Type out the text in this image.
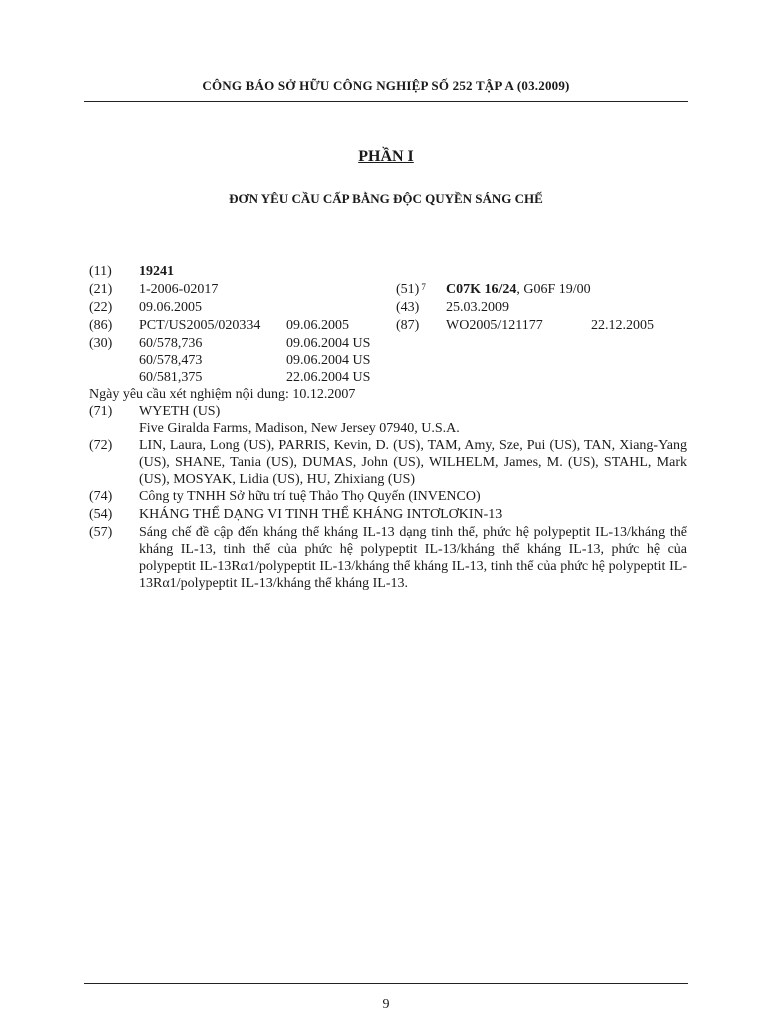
CÔNG BÁO SỞ HỮU CÔNG NGHIỆP SỐ 252 TẬP A (03.2009)
PHẦN I
ĐƠN YÊU CẦU CẤP BẰNG ĐỘC QUYỀN SÁNG CHẾ
(11) 19241
(21) 1-2006-02017	(51) $^7$ C07K 16/24, G06F 19/00
(22) 09.06.2005	(43) 25.03.2009
(86) PCT/US2005/020334 09.06.2005	(87) WO2005/121177	22.12.2005
(30) 60/578,736	09.06.2004 US
60/578,473	09.06.2004 US
60/581,375	22.06.2004 US
Ngày yêu cầu xét nghiệm nội dung: 10.12.2007
(71) WYETH (US)
Five Giralda Farms, Madison, New Jersey 07940, U.S.A.
(72) LIN, Laura, Long (US), PARRIS, Kevin, D. (US), TAM, Amy, Sze, Pui (US), TAN, Xiang-Yang (US), SHANE, Tania (US), DUMAS, John (US), WILHELM, James, M. (US), STAHL, Mark (US), MOSYAK, Lidia (US), HU, Zhixiang (US)
(74) Công ty TNHH Sở hữu trí tuệ Thảo Thọ Quyến (INVENCO)
(54) KHÁNG THỂ DẠNG VI TINH THỂ KHÁNG INTƠLƠKIN-13
(57) Sáng chế đề cập đến kháng thể kháng IL-13 dạng tinh thể, phức hệ polypeptit IL-13/kháng thể kháng IL-13, tinh thể của phức hệ polypeptit IL-13/kháng thể kháng IL-13, phức hệ của polypeptit IL-13Rα1/polypeptit IL-13/kháng thể kháng IL-13, tinh thể của phức hệ polypeptit IL-13Rα1/polypeptit IL-13/kháng thể kháng IL-13.
9
